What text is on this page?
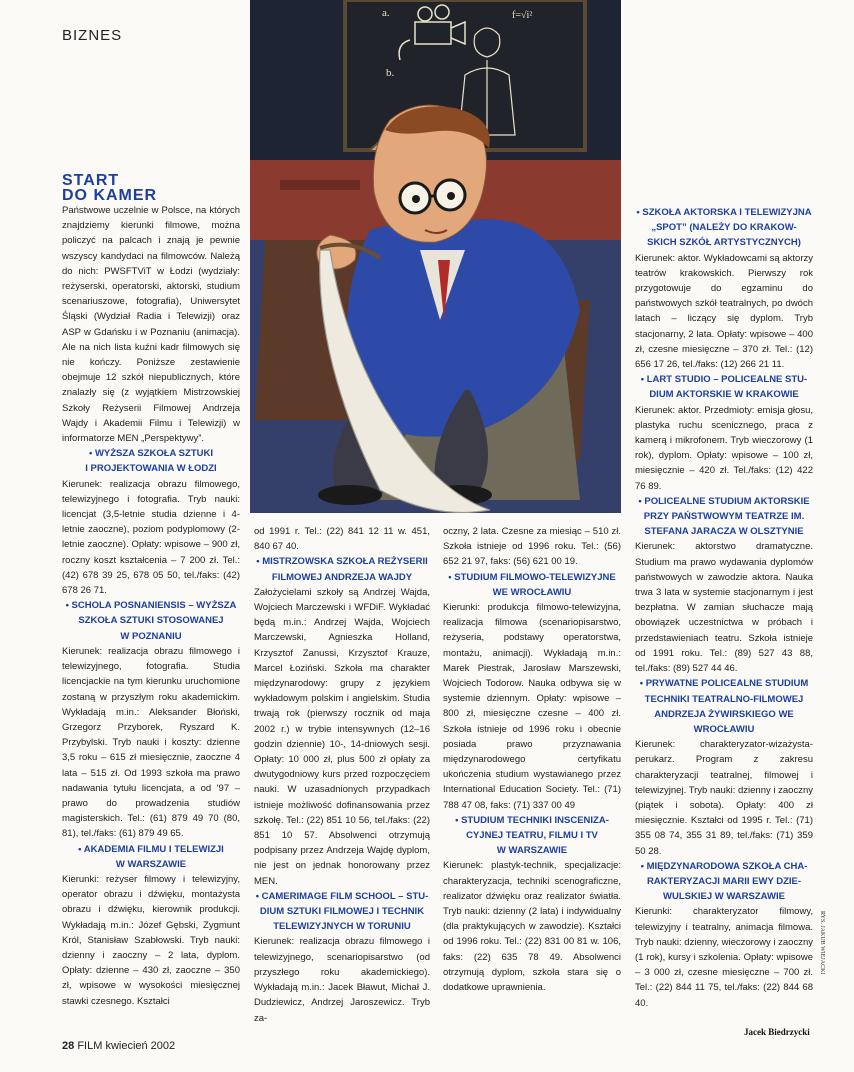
BIZNES
START
DO KAMER
a.
b.
f=√i²

Państwowe uczelnie w Polsce, na których znajdziemy kierunki filmowe, można policzyć na palcach i znają je pewnie wszyscy kandydaci na filmowców. Należą do nich: PWSFTViT w Łodzi (wydziały: reżyserski, operatorski, aktorski, studium scenariuszowe, fotografia), Uniwersytet Śląski (Wydział Radia i Telewizji) oraz ASP w Gdańsku i w Poznaniu (animacja). Ale na nich lista kuźni kadr filmowych się nie kończy. Poniższe zestawienie obejmuje 12 szkół niepublicznych, które znalazły się (z wyjątkiem Mistrzowskiej Szkoły Reżyserii Filmowej Andrzeja Wajdy i Akademii Filmu i Telewizji) w informatorze MEN „Perspektywy”.

• WYŻSZA SZKOŁA SZTUKI
I PROJEKTOWANIA W ŁODZI

Kierunek: realizacja obrazu filmowego, telewizyjnego i fotografia. Tryb nauki: licencjat (3,5-letnie studia dzienne i 4-letnie zaoczne), poziom podyplomowy (2-letnie zaoczne). Opłaty: wpisowe – 900 zł, roczny koszt kształcenia – 7 200 zł. Tel.: (42) 678 39 25, 678 05 50, tel./faks: (42) 678 26 71.

• SCHOLA POSNANIENSIS – WYŻSZA
SZKOŁA SZTUKI STOSOWANEJ
W POZNANIU

Kierunek: realizacja obrazu filmowego i telewizyjnego, fotografia. Studia licencjackie na tym kierunku uruchomione zostaną w przyszłym roku akademickim. Wykładają m.in.: Aleksander Błoński, Grzegorz Przyborek, Ryszard K. Przybylski. Tryb nauki i koszty: dzienne 3,5 roku – 615 zł miesięcznie, zaoczne 4 lata – 515 zł. Od 1993 szkoła ma prawo nadawania tytułu licencjata, a od '97 – prawo do prowadzenia studiów magisterskich. Tel.: (61) 879 49 70 (80, 81), tel./faks: (61) 879 49 65.

• AKADEMIA FILMU I TELEWIZJI
W WARSZAWIE

Kierunki: reżyser filmowy i telewizyjny, operator obrazu i dźwięku, montażysta obrazu i dźwięku, kierownik produkcji. Wykładają m.in.: Józef Gębski, Zygmunt Król, Stanisław Szabłowski. Tryb nauki: dzienny i zaoczny – 2 lata, dyplom. Opłaty: dzienne – 430 zł, zaoczne – 350 zł, wpisowe w wysokości miesięcznej stawki czesnego. Kształci

od 1991 r. Tel.: (22) 841 12 11 w. 451, 840 67 40.

• MISTRZOWSKA SZKOŁA REŻYSERII
FILMOWEJ ANDRZEJA WAJDY

Założycielami szkoły są Andrzej Wajda, Wojciech Marczewski i WFDiF. Wykładać będą m.in.: Andrzej Wajda, Wojciech Marczewski, Agnieszka Holland, Krzysztof Zanussi, Krzysztof Krauze, Marcel Łoziński. Szkoła ma charakter międzynarodowy: grupy z językiem wykładowym polskim i angielskim. Studia trwają rok (pierwszy rocznik od maja 2002 r.) w trybie intensywnych (12–16 godzin dziennie) 10-, 14-dniowych sesji. Opłaty: 10 000 zł, plus 500 zł opłaty za dwutygodniowy kurs przed rozpoczęciem nauki. W uzasadnionych przypadkach istnieje możliwość dofinansowania przez szkołę. Tel.: (22) 851 10 56, tel./faks: (22) 851 10 57. Absolwenci otrzymują podpisany przez Andrzeja Wajdę dyplom, nie jest on jednak honorowany przez MEN.

• CAMERIMAGE FILM SCHOOL – STU-
DIUM SZTUKI FILMOWEJ I TECHNIK
TELEWIZYJNYCH W TORUNIU

Kierunek: realizacja obrazu filmowego i telewizyjnego, scenariopisarstwo (od przyszłego roku akademickiego). Wykładają m.in.: Jacek Bławut, Michał J. Dudziewicz, Andrzej Jaroszewicz. Tryb za-

oczny, 2 lata. Czesne za miesiąc – 510 zł. Szkoła istnieje od 1996 roku. Tel.: (56) 652 21 97, faks: (56) 621 00 19.

• STUDIUM FILMOWO-TELEWIZYJNE
WE WROCŁAWIU

Kierunki: produkcja filmowo-telewizyjna, realizacja filmowa (scenariopisarstwo, reżyseria, podstawy operatorstwa, montażu, animacji). Wykładają m.in.: Marek Piestrak, Jarosław Marszewski, Wojciech Todorow. Nauka odbywa się w systemie dziennym. Opłaty: wpisowe – 800 zł, miesięczne czesne – 400 zł. Szkoła istnieje od 1996 roku i obecnie posiada prawo przyznawania międzynarodowego certyfikatu ukończenia studium wystawianego przez International Education Society. Tel.: (71) 788 47 08, faks: (71) 337 00 49

• STUDIUM TECHNIKI INSCENIZA-
CYJNEJ TEATRU, FILMU I TV
W WARSZAWIE

Kierunek: plastyk-technik, specjalizacje: charakteryzacja, techniki scenograficzne, realizator dźwięku oraz realizator światła. Tryb nauki: dzienny (2 lata) i indywidualny (dla praktykujących w zawodzie). Kształci od 1996 roku. Tel.: (22) 831 00 81 w. 106, faks: (22) 635 78 49. Absolwenci otrzymują dyplom, szkoła stara się o dodatkowe uprawnienia.

• SZKOŁA AKTORSKA I TELEWIZYJNA
„SPOT” (NALEŻY DO KRAKOW-
SKICH SZKÓŁ ARTYSTYCZNYCH)

Kierunek: aktor. Wykładowcami są aktorzy teatrów krakowskich. Pierwszy rok przygotowuje do egzaminu do państwowych szkół teatralnych, po dwóch latach – liczący się dyplom. Tryb stacjonarny, 2 lata. Opłaty: wpisowe – 400 zł, czesne miesięczne – 370 zł. Tel.: (12) 656 17 26, tel./faks: (12) 266 21 11.

• LART STUDIO – POLICEALNE STU-
DIUM AKTORSKIE W KRAKOWIE

Kierunek: aktor. Przedmioty: emisja głosu, plastyka ruchu scenicznego, praca z kamerą i mikrofonem. Tryb wieczorowy (1 rok), dyplom. Opłaty: wpisowe – 100 zł, miesięcznie – 420 zł. Tel./faks: (12) 422 76 89.

• POLICEALNE STUDIUM AKTORSKIE
PRZY PAŃSTWOWYM TEATRZE IM.
STEFANA JARACZA W OLSZTYNIE

Kierunek: aktorstwo dramatyczne. Studium ma prawo wydawania dyplomów państwowych w zawodzie aktora. Nauka trwa 3 lata w systemie stacjonarnym i jest bezpłatna. W zamian słuchacze mają obowiązek uczestnictwa w próbach i przedstawieniach teatru. Szkoła istnieje od 1991 roku. Tel.: (89) 527 43 88, tel./faks: (89) 527 44 46.

• PRYWATNE POLICEALNE STUDIUM
TECHNIKI TEATRALNO-FILMOWEJ
ANDRZEJA ŻYWIRSKIEGO WE
WROCŁAWIU

Kierunek: charakteryzator-wizażysta-perukarz. Program z zakresu charakteryzacji teatralnej, filmowej i telewizyjnej. Tryb nauki: dzienny i zaoczny (piątek i sobota). Opłaty: 400 zł miesięcznie. Kształci od 1995 r. Tel.: (71) 355 08 74, 355 31 89, tel./faks: (71) 359 50 28.

• MIĘDZYNARODOWA SZKOŁA CHA-
RAKTERYZACJI MARII EWY DZIE-
WULSKIEJ W WARSZAWIE

Kierunki: charakteryzator filmowy, telewizyjny i teatralny, animacja filmowa. Tryb nauki: dzienny, wieczorowy i zaoczny (1 rok), kursy i szkolenia. Opłaty: wpisowe – 3 000 zł, czesne miesięczne – 700 zł. Tel.: (22) 844 11 75, tel./faks: (22) 844 68 40.

Jacek Biedrzycki
RYS. JAKUB WIEJACKI
28 FILM kwiecień 2002
